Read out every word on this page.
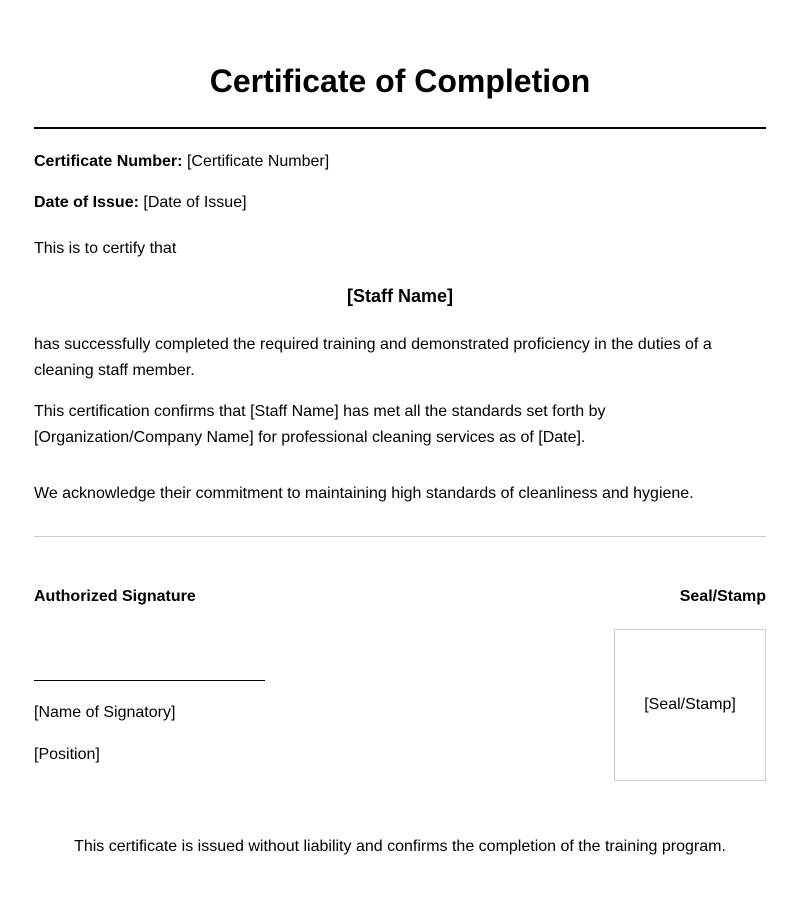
Certificate of Completion
Certificate Number: [Certificate Number]
Date of Issue: [Date of Issue]
This is to certify that
[Staff Name]
has successfully completed the required training and demonstrated proficiency in the duties of a cleaning staff member.
This certification confirms that [Staff Name] has met all the standards set forth by [Organization/Company Name] for professional cleaning services as of [Date].
We acknowledge their commitment to maintaining high standards of cleanliness and hygiene.
Authorized Signature	Seal/Stamp
[Name of Signatory]
[Position]
[Seal/Stamp]
This certificate is issued without liability and confirms the completion of the training program.
